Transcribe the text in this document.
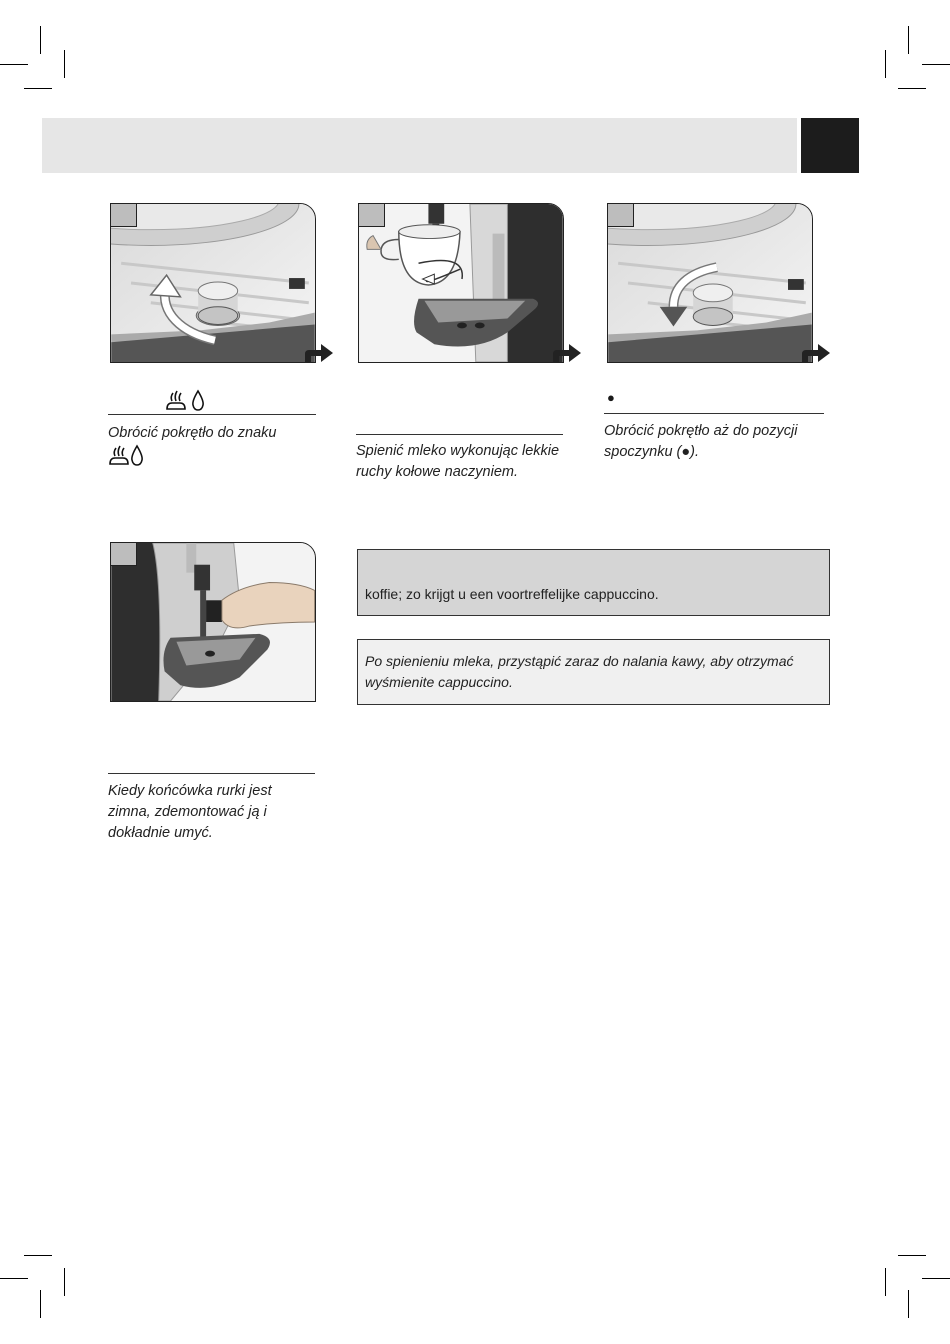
Obrócić pokrętło do znaku

Spienić mleko wykonując lekkie ruchy kołowe naczyniem.
●
Obrócić pokrętło aż do pozycji spoczynku (●).
Kiedy końcówka rurki jest zimna, zdemontować ją i dokładnie umyć.
koffie; zo krijgt u een voortreffelijke cappuccino.
Po spienieniu mleka, przystąpić zaraz do nalania kawy, aby otrzymać wyśmienite cappuccino.
